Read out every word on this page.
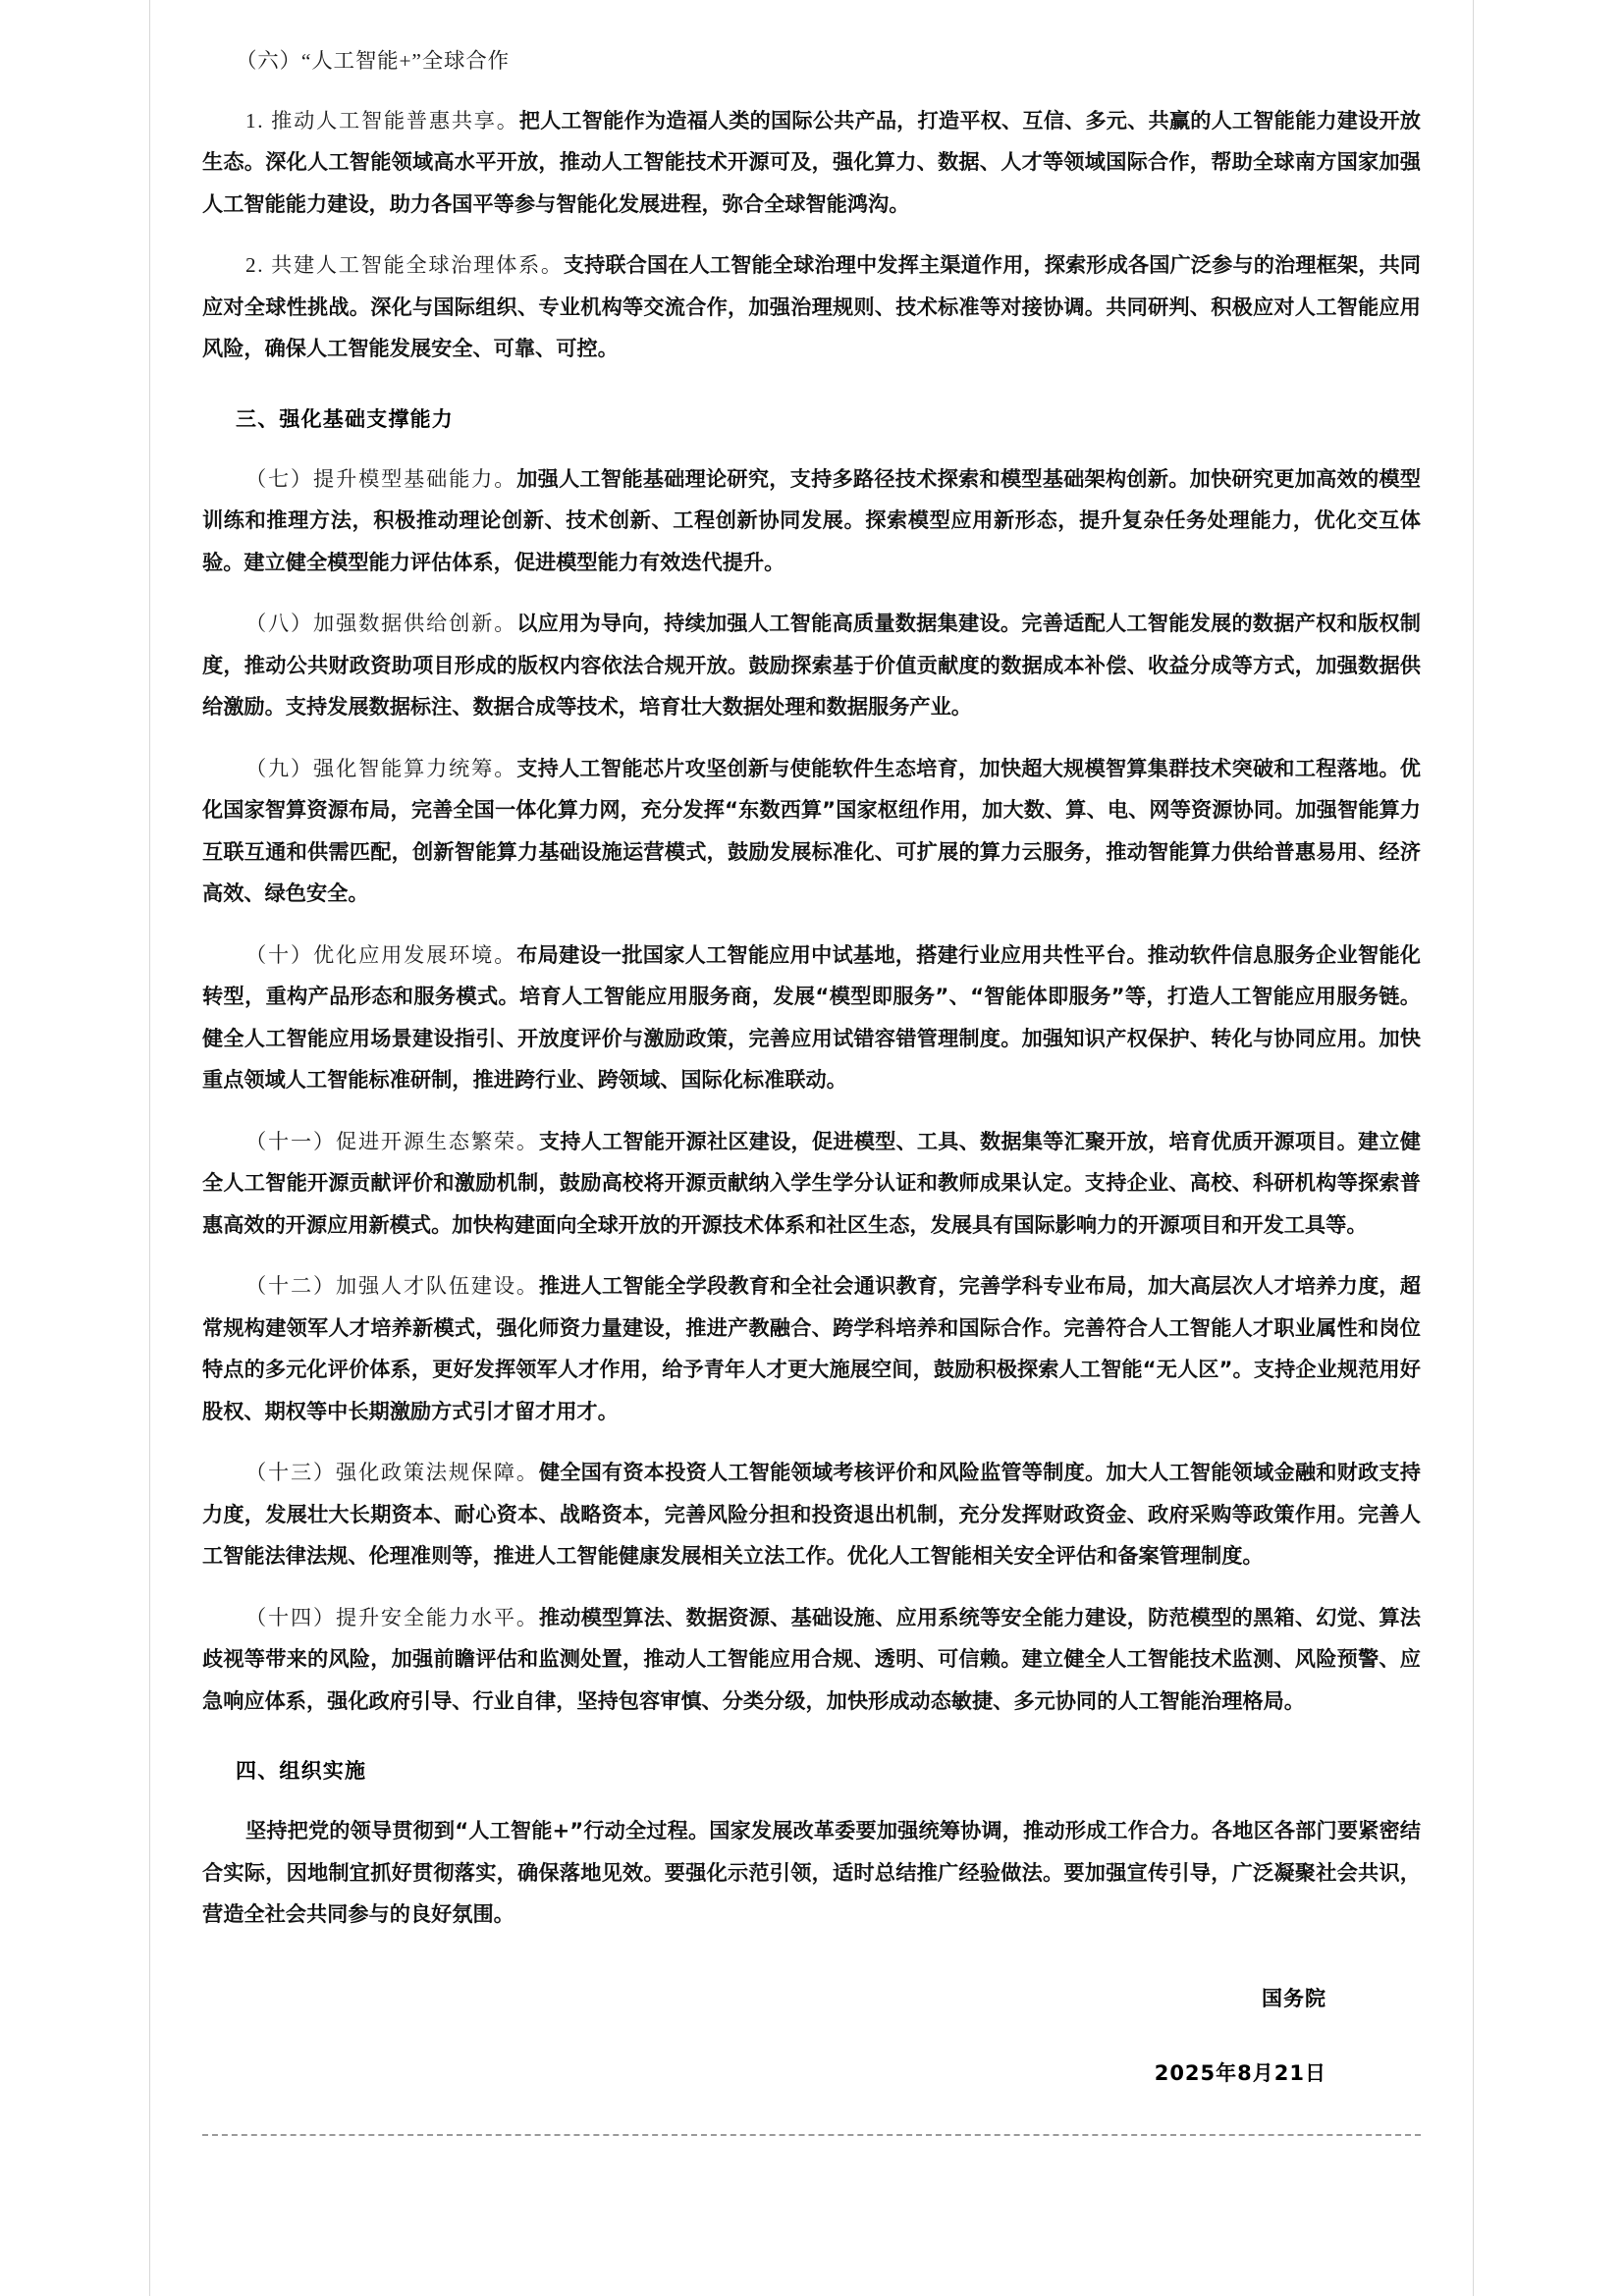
（六）“人工智能+”全球合作

1. 推动人工智能普惠共享。把人工智能作为造福人类的国际公共产品，打造平权、互信、多元、共赢的人工智能能力建设开放生态。深化人工智能领域高水平开放，推动人工智能技术开源可及，强化算力、数据、人才等领域国际合作，帮助全球南方国家加强人工智能能力建设，助力各国平等参与智能化发展进程，弥合全球智能鸿沟。

2. 共建人工智能全球治理体系。支持联合国在人工智能全球治理中发挥主渠道作用，探索形成各国广泛参与的治理框架，共同应对全球性挑战。深化与国际组织、专业机构等交流合作，加强治理规则、技术标准等对接协调。共同研判、积极应对人工智能应用风险，确保人工智能发展安全、可靠、可控。

三、强化基础支撑能力

（七）提升模型基础能力。加强人工智能基础理论研究，支持多路径技术探索和模型基础架构创新。加快研究更加高效的模型训练和推理方法，积极推动理论创新、技术创新、工程创新协同发展。探索模型应用新形态，提升复杂任务处理能力，优化交互体验。建立健全模型能力评估体系，促进模型能力有效迭代提升。

（八）加强数据供给创新。以应用为导向，持续加强人工智能高质量数据集建设。完善适配人工智能发展的数据产权和版权制度，推动公共财政资助项目形成的版权内容依法合规开放。鼓励探索基于价值贡献度的数据成本补偿、收益分成等方式，加强数据供给激励。支持发展数据标注、数据合成等技术，培育壮大数据处理和数据服务产业。

（九）强化智能算力统筹。支持人工智能芯片攻坚创新与使能软件生态培育，加快超大规模智算集群技术突破和工程落地。优化国家智算资源布局，完善全国一体化算力网，充分发挥“东数西算”国家枢纽作用，加大数、算、电、网等资源协同。加强智能算力互联互通和供需匹配，创新智能算力基础设施运营模式，鼓励发展标准化、可扩展的算力云服务，推动智能算力供给普惠易用、经济高效、绿色安全。

（十）优化应用发展环境。布局建设一批国家人工智能应用中试基地，搭建行业应用共性平台。推动软件信息服务企业智能化转型，重构产品形态和服务模式。培育人工智能应用服务商，发展“模型即服务”、“智能体即服务”等，打造人工智能应用服务链。健全人工智能应用场景建设指引、开放度评价与激励政策，完善应用试错容错管理制度。加强知识产权保护、转化与协同应用。加快重点领域人工智能标准研制，推进跨行业、跨领域、国际化标准联动。

（十一）促进开源生态繁荣。支持人工智能开源社区建设，促进模型、工具、数据集等汇聚开放，培育优质开源项目。建立健全人工智能开源贡献评价和激励机制，鼓励高校将开源贡献纳入学生学分认证和教师成果认定。支持企业、高校、科研机构等探索普惠高效的开源应用新模式。加快构建面向全球开放的开源技术体系和社区生态，发展具有国际影响力的开源项目和开发工具等。

（十二）加强人才队伍建设。推进人工智能全学段教育和全社会通识教育，完善学科专业布局，加大高层次人才培养力度，超常规构建领军人才培养新模式，强化师资力量建设，推进产教融合、跨学科培养和国际合作。完善符合人工智能人才职业属性和岗位特点的多元化评价体系，更好发挥领军人才作用，给予青年人才更大施展空间，鼓励积极探索人工智能“无人区”。支持企业规范用好股权、期权等中长期激励方式引才留才用才。

（十三）强化政策法规保障。健全国有资本投资人工智能领域考核评价和风险监管等制度。加大人工智能领域金融和财政支持力度，发展壮大长期资本、耐心资本、战略资本，完善风险分担和投资退出机制，充分发挥财政资金、政府采购等政策作用。完善人工智能法律法规、伦理准则等，推进人工智能健康发展相关立法工作。优化人工智能相关安全评估和备案管理制度。

（十四）提升安全能力水平。推动模型算法、数据资源、基础设施、应用系统等安全能力建设，防范模型的黑箱、幻觉、算法歧视等带来的风险，加强前瞻评估和监测处置，推动人工智能应用合规、透明、可信赖。建立健全人工智能技术监测、风险预警、应急响应体系，强化政府引导、行业自律，坚持包容审慎、分类分级，加快形成动态敏捷、多元协同的人工智能治理格局。

四、组织实施

坚持把党的领导贯彻到“人工智能+”行动全过程。国家发展改革委要加强统筹协调，推动形成工作合力。各地区各部门要紧密结合实际，因地制宜抓好贯彻落实，确保落地见效。要强化示范引领，适时总结推广经验做法。要加强宣传引导，广泛凝聚社会共识，营造全社会共同参与的良好氛围。

国务院
2025年8月21日
